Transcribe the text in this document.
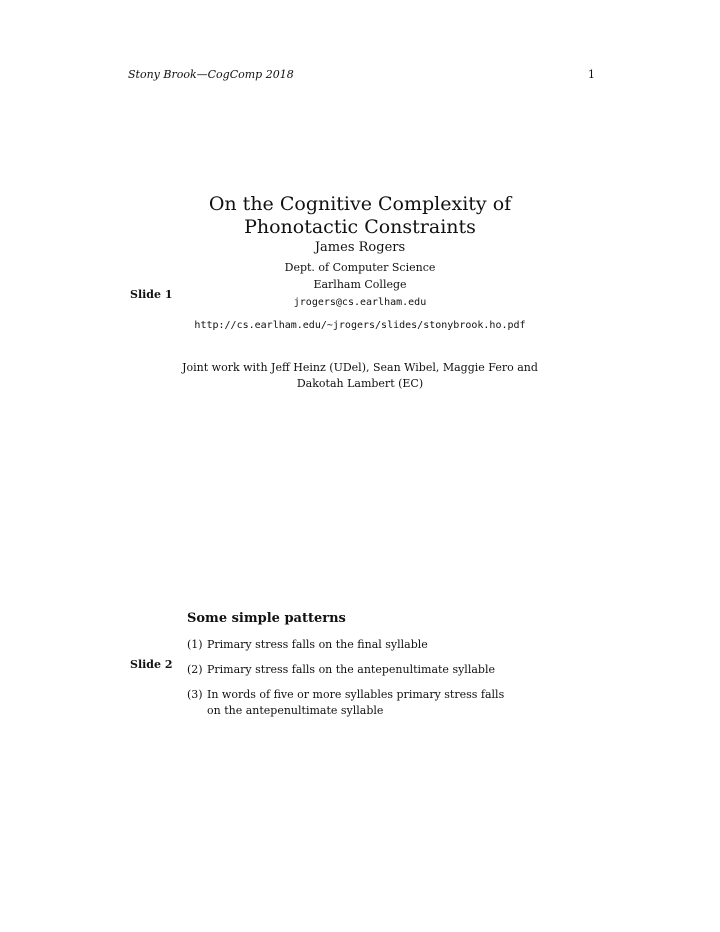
Stony Brook—CogComp 2018	1
On the Cognitive Complexity of
Phonotactic Constraints
James Rogers
Dept. of Computer Science
Earlham College
Slide 1
jrogers@cs.earlham.edu
http://cs.earlham.edu/~jrogers/slides/stonybrook.ho.pdf
Joint work with Jeff Heinz (UDel), Sean Wibel, Maggie Fero and
Dakotah Lambert (EC)
Some simple patterns
Slide 2
(1) Primary stress falls on the final syllable
(2) Primary stress falls on the antepenultimate syllable
(3) In words of five or more syllables primary stress falls on the antepenultimate syllable
